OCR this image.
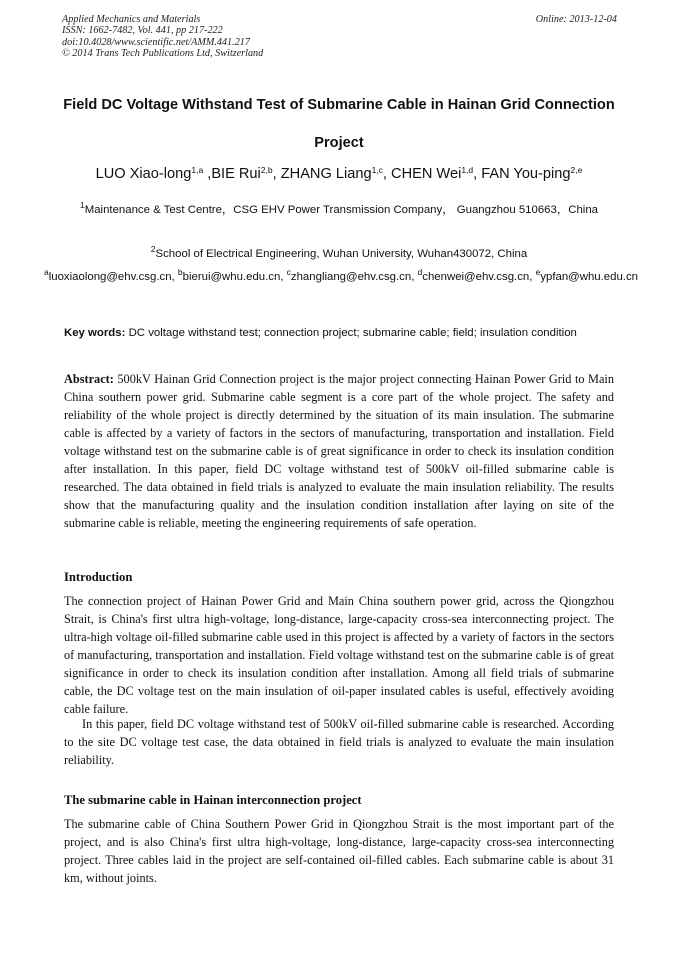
Applied Mechanics and Materials
ISSN: 1662-7482, Vol. 441, pp 217-222
doi:10.4028/www.scientific.net/AMM.441.217
© 2014 Trans Tech Publications Ltd, Switzerland
Online: 2013-12-04
Field DC Voltage Withstand Test of Submarine Cable in Hainan Grid Connection Project
LUO Xiao-long$^{1,a}$ ,BIE Rui$^{2,b}$, ZHANG Liang$^{1,c}$, CHEN Wei$^{1,d}$, FAN You-ping$^{2,e}$
$^1$Maintenance & Test Centre，CSG EHV Power Transmission Company， Guangzhou 510663，China
$^2$School of Electrical Engineering, Wuhan University, Wuhan430072, China
$^a$luoxiaolong@ehv.csg.cn, $^b$bierui@whu.edu.cn, $^c$zhangliang@ehv.csg.cn, $^d$chenwei@ehv.csg.cn, $^e$ypfan@whu.edu.cn
Key words: DC voltage withstand test; connection project; submarine cable; field; insulation condition
Abstract: 500kV Hainan Grid Connection project is the major project connecting Hainan Power Grid to Main China southern power grid. Submarine cable segment is a core part of the whole project. The safety and reliability of the whole project is directly determined by the situation of its main insulation. The submarine cable is affected by a variety of factors in the sectors of manufacturing, transportation and installation. Field voltage withstand test on the submarine cable is of great significance in order to check its insulation condition after installation. In this paper, field DC voltage withstand test of 500kV oil-filled submarine cable is researched. The data obtained in field trials is analyzed to evaluate the main insulation reliability. The results show that the manufacturing quality and the insulation condition installation after laying on site of the submarine cable is reliable, meeting the engineering requirements of safe operation.
Introduction
The connection project of Hainan Power Grid and Main China southern power grid, across the Qiongzhou Strait, is China's first ultra high-voltage, long-distance, large-capacity cross-sea interconnecting project. The ultra-high voltage oil-filled submarine cable used in this project is affected by a variety of factors in the sectors of manufacturing, transportation and installation. Field voltage withstand test on the submarine cable is of great significance in order to check its insulation condition after installation. Among all field trials of submarine cable, the DC voltage test on the main insulation of oil-paper insulated cables is useful, effectively avoiding cable failure.
In this paper, field DC voltage withstand test of 500kV oil-filled submarine cable is researched. According to the site DC voltage test case, the data obtained in field trials is analyzed to evaluate the main insulation reliability.
The submarine cable in Hainan interconnection project
The submarine cable of China Southern Power Grid in Qiongzhou Strait is the most important part of the project, and is also China's first ultra high-voltage, long-distance, large-capacity cross-sea interconnecting project. Three cables laid in the project are self-contained oil-filled cables. Each submarine cable is about 31 km, without joints.
